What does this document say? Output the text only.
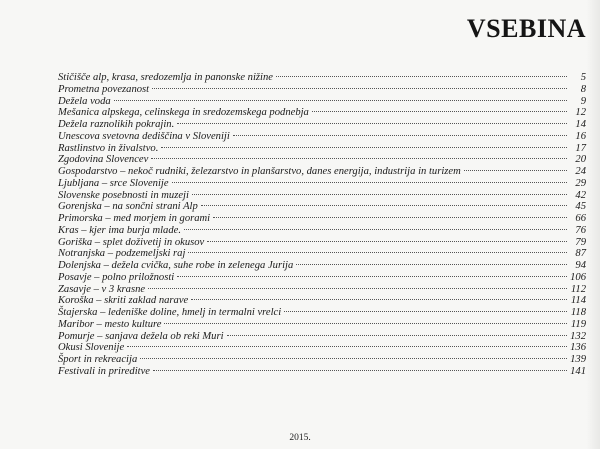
VSEBINA
Stičišče alp, krasa, sredozemlja in panonske nižine	5
Prometna povezanost	8
Dežela voda	9
Mešanica alpskega, celinskega in sredozemskega podnebja	12
Dežela raznolikih pokrajin.	14
Unescova svetovna dediščina v Sloveniji	16
Rastlinstvo in živalstvo.	17
Zgodovina Slovencev	20
Gospodarstvo – nekoč rudniki, železarstvo in planšarstvo, danes energija, industrija in turizem	24
Ljubljana – srce Slovenije	29
Slovenske posebnosti in muzeji	42
Gorenjska – na sončni strani Alp	45
Primorska – med morjem in gorami	66
Kras – kjer ima burja mlade.	76
Goriška – splet doživetij in okusov	79
Notranjska – podzemeljski raj	87
Dolenjska – dežela cvička, suhe robe in zelenega Jurija	94
Posavje – polno priložnosti	106
Zasavje – v 3 krasne	112
Koroška – skriti zaklad narave	114
Štajerska – ledeniške doline, hmelj in termalni vrelci	118
Maribor – mesto kulture	119
Pomurje – sanjava dežela ob reki Muri	132
Okusi Slovenije	136
Šport in rekreacija	139
Festivali in prireditve	141
2015.
